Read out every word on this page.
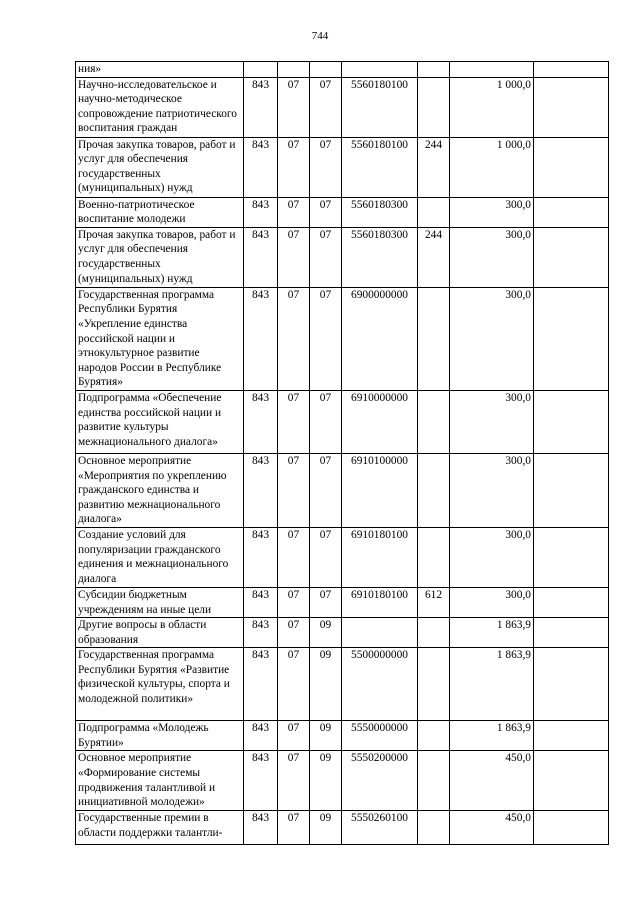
744
ния»							
Научно-исследовательское и научно-методическое сопровождение патриотического воспитания граждан	843	07	07	5560180100		1 000,0	
Прочая закупка товаров, работ и услуг для обеспечения государственных (муниципальных) нужд	843	07	07	5560180100	244	1 000,0	
Военно-патриотическое воспитание молодежи	843	07	07	5560180300		300,0	
Прочая закупка товаров, работ и услуг для обеспечения государственных (муниципальных) нужд	843	07	07	5560180300	244	300,0	
Государственная программа Республики Бурятия «Укрепление единства российской нации и этнокультурное развитие народов России в Республике Бурятия»	843	07	07	6900000000		300,0	
Подпрограмма «Обеспечение единства российской нации и развитие культуры межнационального диалога»	843	07	07	6910000000		300,0	
Основное мероприятие «Мероприятия по укреплению гражданского единства и развитию межнационального диалога»	843	07	07	6910100000		300,0	
Создание условий для популяризации гражданского единения и межнационального диалога	843	07	07	6910180100		300,0	
Субсидии бюджетным учреждениям на иные цели	843	07	07	6910180100	612	300,0	
Другие вопросы в области образования	843	07	09			1 863,9	
Государственная программа Республики Бурятия «Развитие физической культуры, спорта и молодежной политики»	843	07	09	5500000000		1 863,9	
Подпрограмма «Молодежь Бурятии»	843	07	09	5550000000		1 863,9	
Основное мероприятие «Формирование системы продвижения талантливой и инициативной молодежи»	843	07	09	5550200000		450,0	
Государственные премии в области поддержки талантли-	843	07	09	5550260100		450,0	
